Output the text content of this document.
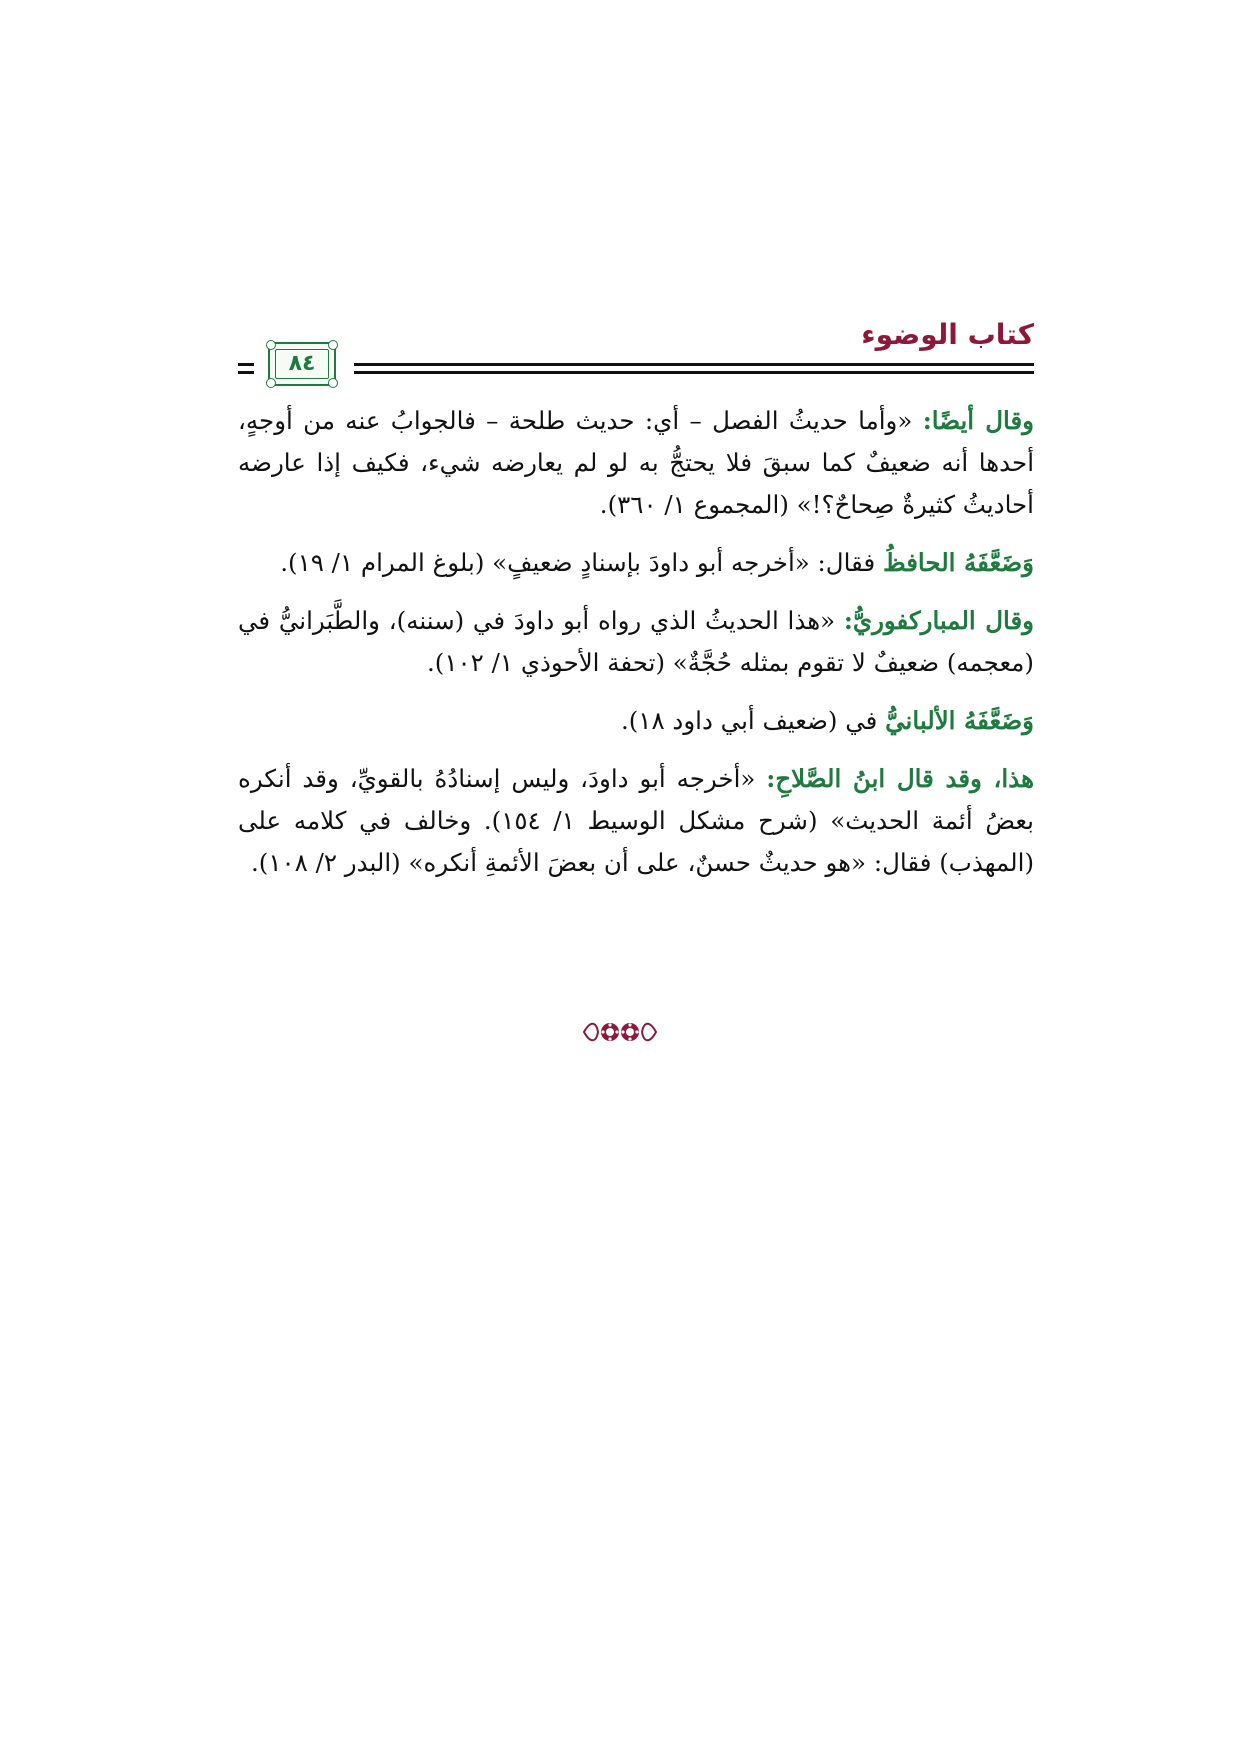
كتاب الوضوء
٨٤

وقال أيضًا: «وأما حديثُ الفصل – أي: حديث طلحة – فالجوابُ عنه من أوجهٍ، أحدها أنه ضعيفٌ كما سبقَ فلا يحتجُّ به لو لم يعارضه شيء، فكيف إذا عارضه أحاديثُ كثيرةٌ صِحاحٌ؟!» (المجموع ١/ ٣٦٠).

وَضَعَّفَهُ الحافظُ فقال: «أخرجه أبو داودَ بإسنادٍ ضعيفٍ» (بلوغ المرام ١/ ١٩).

وقال المباركفوريُّ: «هذا الحديثُ الذي رواه أبو داودَ في (سننه)، والطَّبَرانيُّ في (معجمه) ضعيفٌ لا تقوم بمثله حُجَّةٌ» (تحفة الأحوذي ١/ ١٠٢).

وَضَعَّفَهُ الألبانيُّ في (ضعيف أبي داود ١٨).

هذا، وقد قال ابنُ الصَّلاحِ: «أخرجه أبو داودَ، وليس إسنادُهُ بالقويِّ، وقد أنكره بعضُ أئمة الحديث» (شرح مشكل الوسيط ١/ ١٥٤). وخالف في كلامه على (المهذب) فقال: «هو حديثٌ حسنٌ، على أن بعضَ الأئمةِ أنكره» (البدر ٢/ ١٠٨).
